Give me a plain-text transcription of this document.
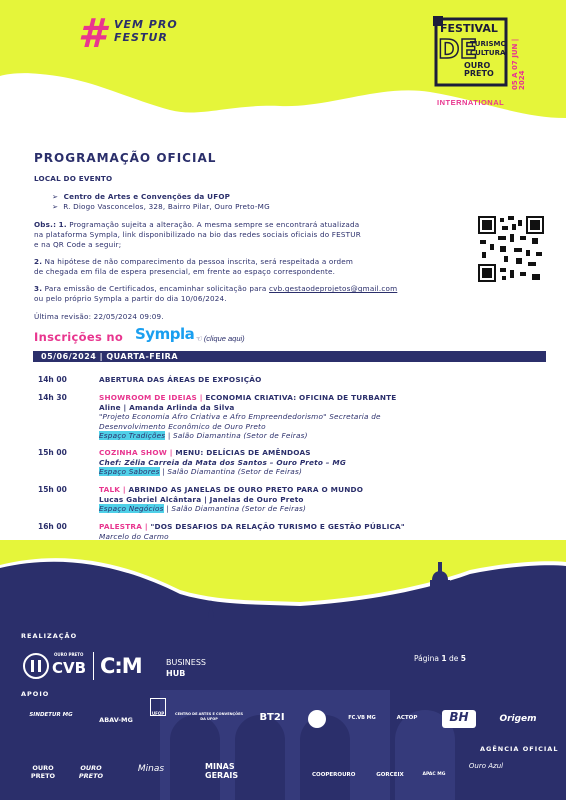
# VEM PRO
FESTUR
FESTIVAL
DE
TURISMO
CULTURA
OURO PRETO	05 A 07 JUN | 2024
INTERNATIONAL
PROGRAMAÇÃO OFICIAL
LOCAL DO EVENTO
➢  Centro de Artes e Convenções da UFOP
➢  R. Diogo Vasconcelos, 328, Bairro Pilar, Ouro Preto-MG
Obs.: 1. Programação sujeita a alteração. A mesma sempre se encontrará atualizada
na plataforma Sympla, link disponibilizado na bio das redes sociais oficiais do FESTUR
e na QR Code a seguir;
2. Na hipótese de não comparecimento da pessoa inscrita, será respeitada a ordem
de chegada em fila de espera presencial, em frente ao espaço correspondente.
3. Para emissão de Certificados, encaminhar solicitação para cvb.gestaodeprojetos@gmail.com
ou pelo próprio Sympla a partir do dia 10/06/2024.
Última revisão: 22/05/2024 09:09.
Inscrições no Sympla ☜ (clique aqui)
05/06/2024 | QUARTA-FEIRA
14h 00	ABERTURA DAS ÁREAS DE EXPOSIÇÃO
14h 30	SHOWROOM DE IDEIAS | ECONOMIA CRIATIVA: OFICINA DE TURBANTE
Aline | Amanda Arlinda da Silva
"Projeto Economia Afro Criativa e Afro Empreendedorismo" Secretaria de
Desenvolvimento Econômico de Ouro Preto
Espaço Tradições | Salão Diamantina (Setor de Feiras)
15h 00	COZINHA SHOW | MENU: DELÍCIAS DE AMÊNDOAS
Chef: Zélia Carreia da Mata dos Santos – Ouro Preto – MG
Espaço Sabores | Salão Diamantina (Setor de Feiras)
15h 00	TALK | ABRINDO AS JANELAS DE OURO PRETO PARA O MUNDO
Lucas Gabriel Alcântara | Janelas de Ouro Preto
Espaço Negócios | Salão Diamantina (Setor de Feiras)
16h 00	PALESTRA | "DOS DESAFIOS DA RELAÇÃO TURISMO E GESTÃO PÚBLICA"
Marcelo do Carmo
REALIZAÇÃO
CVB
OURO PRETO C:M	BUSINESS
HUB
Página 1 de 5
APOIO
SINDETUR MG
ABAV-MG
UFOP	CENTRO DE ARTES E CONVENÇÕES DA UFOP	BT2I	FC.VB MG	ACTOP	BH	Origem
AGÊNCIA OFICIAL
OURO PRETO
OURO PRETO
Minas	MINAS GERAIS	COOPEROURO	GORCEIX	APAC MG
Ouro Azul
